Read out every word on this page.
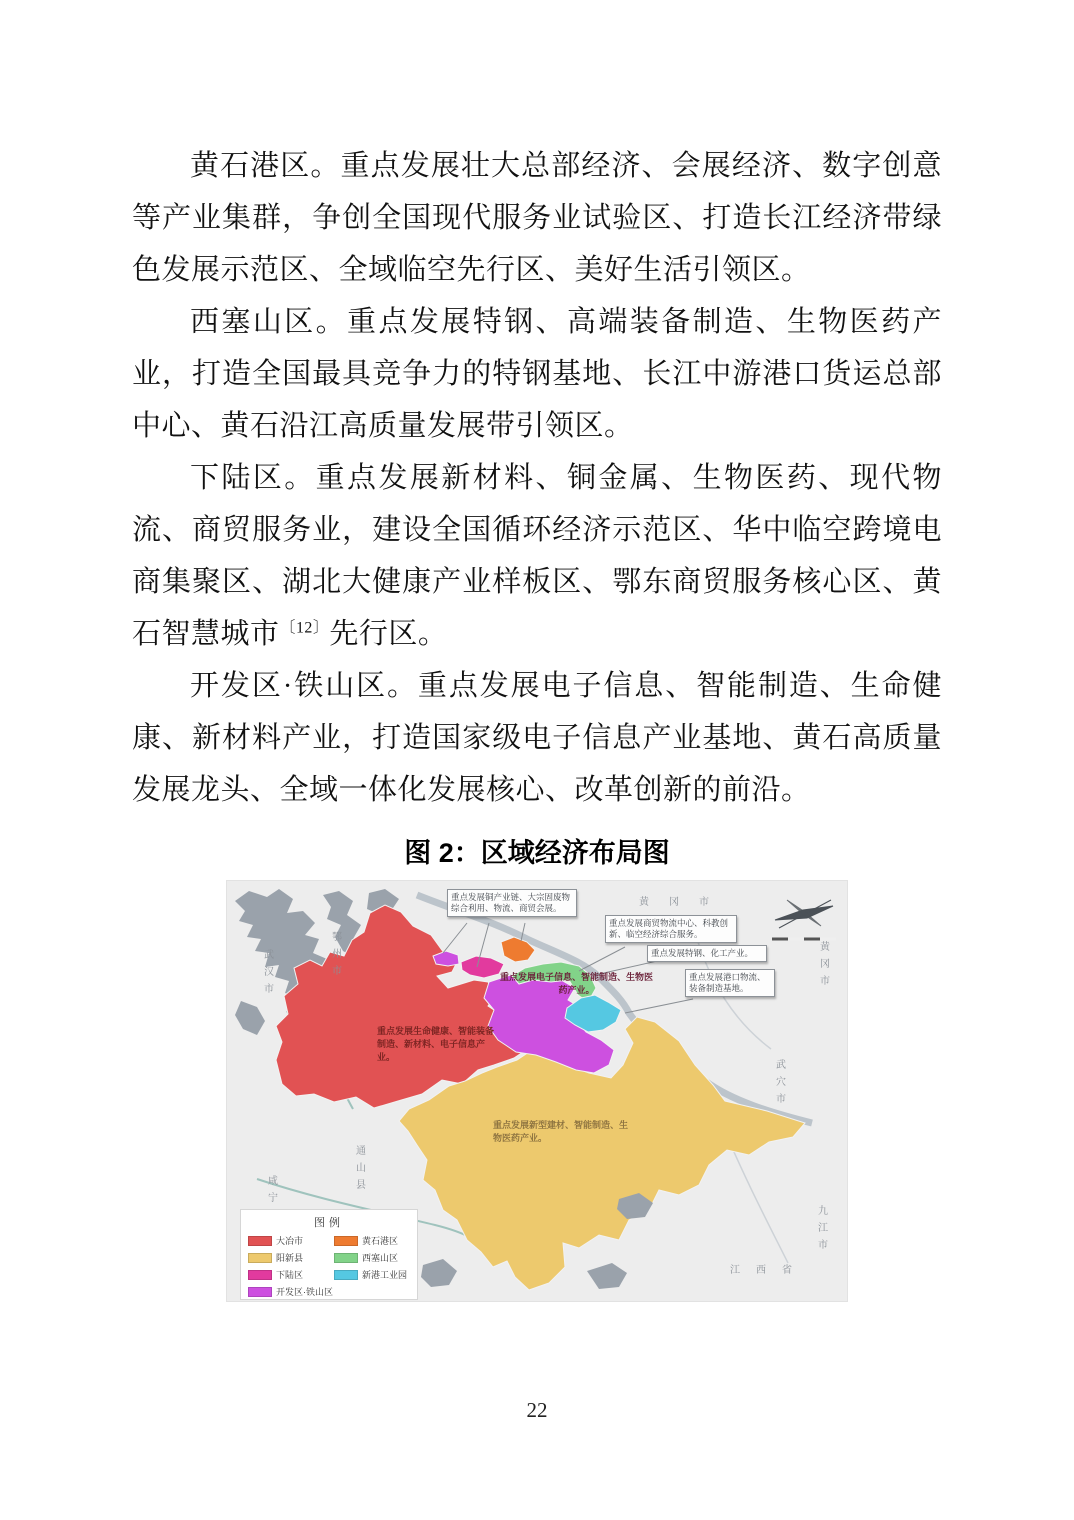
黄石港区。重点发展壮大总部经济、会展经济、数字创意等产业集群，争创全国现代服务业试验区、打造长江经济带绿色发展示范区、全域临空先行区、美好生活引领区。

西塞山区。重点发展特钢、高端装备制造、生物医药产业，打造全国最具竞争力的特钢基地、长江中游港口货运总部中心、黄石沿江高质量发展带引领区。

下陆区。重点发展新材料、铜金属、生物医药、现代物流、商贸服务业，建设全国循环经济示范区、华中临空跨境电商集聚区、湖北大健康产业样板区、鄂东商贸服务核心区、黄石智慧城市$^{〔12〕}$先行区。

开发区·铁山区。重点发展电子信息、智能制造、生命健康、新材料产业，打造国家级电子信息产业基地、黄石高质量发展龙头、全域一体化发展核心、改革创新的前沿。

图 2：区域经济布局图
重点发展铜产业链、大宗固废物综合利用、物流、商贸会展。
重点发展商贸物流中心、科教创新、临空经济综合服务。
重点发展特钢、化工产业。
重点发展港口物流、装备制造基地。
重点发展生命健康、智能装备制造、新材料、电子信息产业。
重点发展电子信息、智能制造、生物医药产业。
重点发展新型建材、智能制造、生物医药产业。
武汉市
鄂州市
黄冈市
黄冈市
武穴市
九江市
江西省
咸宁
通山县
图例
大冶市
阳新县
下陆区
开发区·铁山区
黄石港区
西塞山区
新港工业园
22
